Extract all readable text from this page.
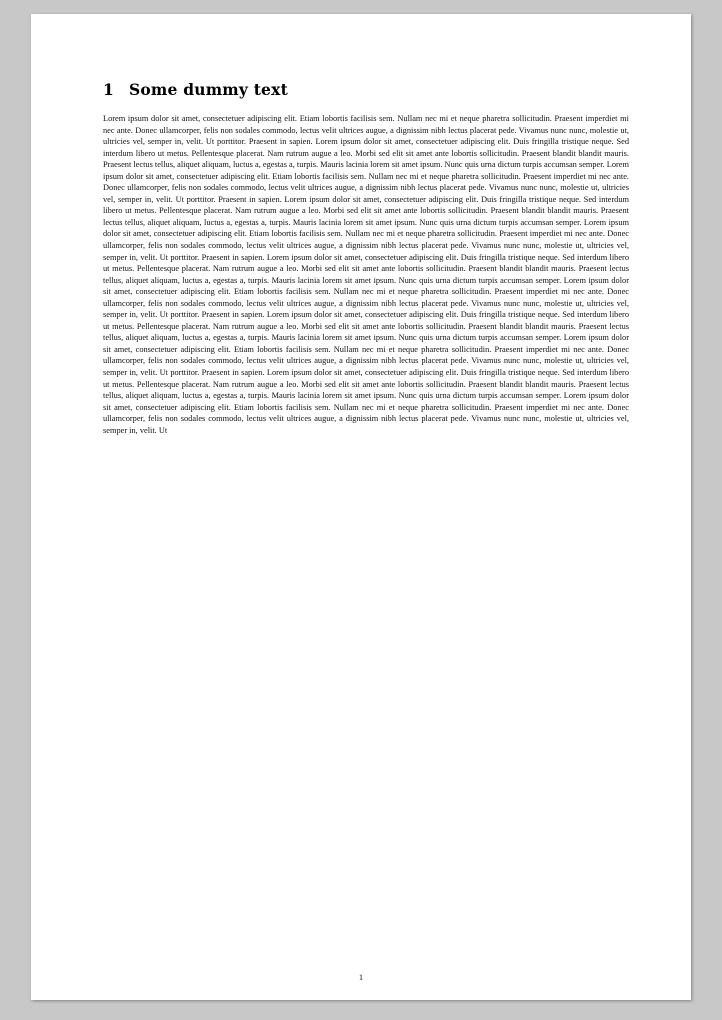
1 Some dummy text

Lorem ipsum dolor sit amet, consectetuer adipiscing elit. Etiam lobortis facilisis sem. Nullam nec mi et neque pharetra sollicitudin. Praesent imperdiet mi nec ante. Donec ullamcorper, felis non sodales commodo, lectus velit ultrices augue, a dignissim nibh lectus placerat pede. Vivamus nunc nunc, molestie ut, ultricies vel, semper in, velit. Ut porttitor. Praesent in sapien. Lorem ipsum dolor sit amet, consectetuer adipiscing elit. Duis fringilla tristique neque. Sed interdum libero ut metus. Pellentesque placerat. Nam rutrum augue a leo. Morbi sed elit sit amet ante lobortis sollicitudin. Praesent blandit blandit mauris. Praesent lectus tellus, aliquet aliquam, luctus a, egestas a, turpis. Mauris lacinia lorem sit amet ipsum. Nunc quis urna dictum turpis accumsan semper. Lorem ipsum dolor sit amet, consectetuer adipiscing elit. Etiam lobortis facilisis sem. Nullam nec mi et neque pharetra sollicitudin. Praesent imperdiet mi nec ante. Donec ullamcorper, felis non sodales commodo, lectus velit ultrices augue, a dignissim nibh lectus placerat pede. Vivamus nunc nunc, molestie ut, ultricies vel, semper in, velit. Ut porttitor. Praesent in sapien. Lorem ipsum dolor sit amet, consectetuer adipiscing elit. Duis fringilla tristique neque. Sed interdum libero ut metus. Pellentesque placerat. Nam rutrum augue a leo. Morbi sed elit sit amet ante lobortis sollicitudin. Praesent blandit blandit mauris. Praesent lectus tellus, aliquet aliquam, luctus a, egestas a, turpis. Mauris lacinia lorem sit amet ipsum. Nunc quis urna dictum turpis accumsan semper. Lorem ipsum dolor sit amet, consectetuer adipiscing elit. Etiam lobortis facilisis sem. Nullam nec mi et neque pharetra sollicitudin. Praesent imperdiet mi nec ante. Donec ullamcorper, felis non sodales commodo, lectus velit ultrices augue, a dignissim nibh lectus placerat pede. Vivamus nunc nunc, molestie ut, ultricies vel, semper in, velit. Ut porttitor. Praesent in sapien. Lorem ipsum dolor sit amet, consectetuer adipiscing elit. Duis fringilla tristique neque. Sed interdum libero ut metus. Pellentesque placerat. Nam rutrum augue a leo. Morbi sed elit sit amet ante lobortis sollicitudin. Praesent blandit blandit mauris. Praesent lectus tellus, aliquet aliquam, luctus a, egestas a, turpis. Mauris lacinia lorem sit amet ipsum. Nunc quis urna dictum turpis accumsan semper. Lorem ipsum dolor sit amet, consectetuer adipiscing elit. Etiam lobortis facilisis sem. Nullam nec mi et neque pharetra sollicitudin. Praesent imperdiet mi nec ante. Donec ullamcorper, felis non sodales commodo, lectus velit ultrices augue, a dignissim nibh lectus placerat pede. Vivamus nunc nunc, molestie ut, ultricies vel, semper in, velit. Ut porttitor. Praesent in sapien. Lorem ipsum dolor sit amet, consectetuer adipiscing elit. Duis fringilla tristique neque. Sed interdum libero ut metus. Pellentesque placerat. Nam rutrum augue a leo. Morbi sed elit sit amet ante lobortis sollicitudin. Praesent blandit blandit mauris. Praesent lectus tellus, aliquet aliquam, luctus a, egestas a, turpis. Mauris lacinia lorem sit amet ipsum. Nunc quis urna dictum turpis accumsan semper. Lorem ipsum dolor sit amet, consectetuer adipiscing elit. Etiam lobortis facilisis sem. Nullam nec mi et neque pharetra sollicitudin. Praesent imperdiet mi nec ante. Donec ullamcorper, felis non sodales commodo, lectus velit ultrices augue, a dignissim nibh lectus placerat pede. Vivamus nunc nunc, molestie ut, ultricies vel, semper in, velit. Ut porttitor. Praesent in sapien. Lorem ipsum dolor sit amet, consectetuer adipiscing elit. Duis fringilla tristique neque. Sed interdum libero ut metus. Pellentesque placerat. Nam rutrum augue a leo. Morbi sed elit sit amet ante lobortis sollicitudin. Praesent blandit blandit mauris. Praesent lectus tellus, aliquet aliquam, luctus a, egestas a, turpis. Mauris lacinia lorem sit amet ipsum. Nunc quis urna dictum turpis accumsan semper. Lorem ipsum dolor sit amet, consectetuer adipiscing elit. Etiam lobortis facilisis sem. Nullam nec mi et neque pharetra sollicitudin. Praesent imperdiet mi nec ante. Donec ullamcorper, felis non sodales commodo, lectus velit ultrices augue, a dignissim nibh lectus placerat pede. Vivamus nunc nunc, molestie ut, ultricies vel, semper in, velit. Ut

1
